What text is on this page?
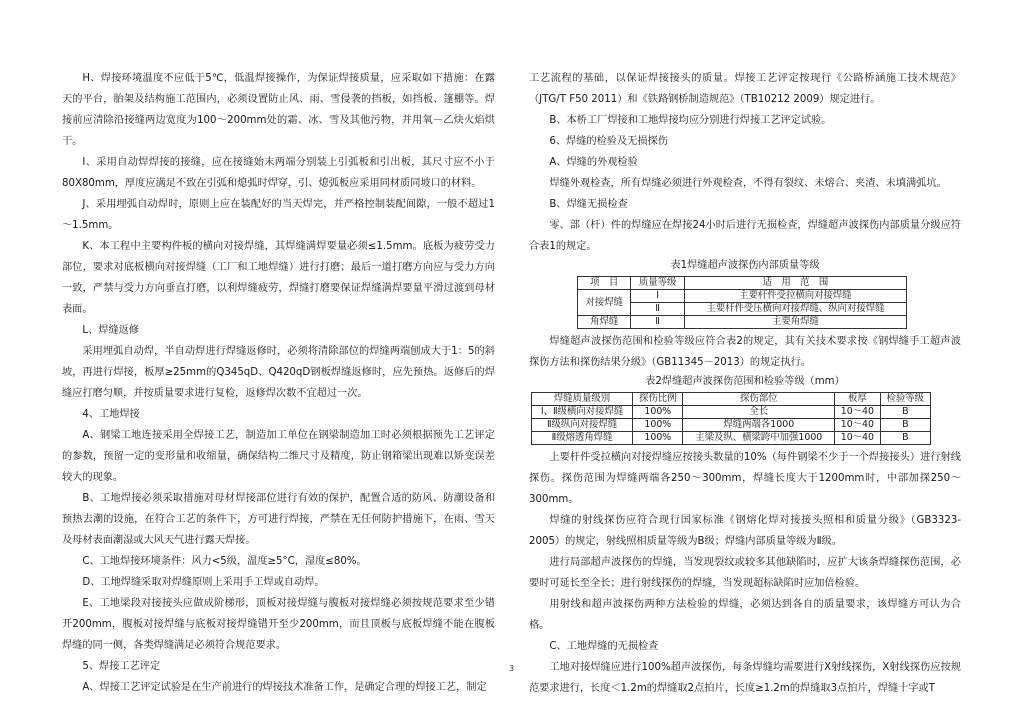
H、焊接环境温度不应低于5℃，低温焊接操作，为保证焊接质量，应采取如下措施：在露天的平台，胎架及结构施工范围内，必须设置防止风、雨、雪侵袭的挡板，如挡板、篷棚等。焊接前应清除沿接缝两边宽度为100～200mm处的霜、冰、雪及其他污物，并用氧－乙炔火焰烘干。

I、采用自动焊焊接的接缝，应在接缝始末两端分别装上引弧板和引出板，其尺寸应不小于80X80mm，厚度应满足不致在引弧和熄弧时焊穿，引、熄弧板应采用同材质同坡口的材料。

J、采用埋弧自动焊时，原则上应在装配好的当天焊完，并严格控制装配间隙，一般不超过1～1.5mm。

K、本工程中主要构件板的横向对接焊缝，其焊缝满焊要量必须≤1.5mm。底板为疲劳受力部位，要求对底板横向对接焊缝（工厂和工地焊缝）进行打磨；最后一道打磨方向应与受力方向一致，严禁与受力方向垂直打磨，以利焊缝疲劳，焊缝打磨要保证焊缝满焊要量平滑过渡到母材表面。

L、焊缝返修

采用埋弧自动焊，半自动焊进行焊缝返修时，必须将清除部位的焊缝两端刨成大于1：5的斜坡，再进行焊接，板厚≥25mm的Q345qD、Q420qD钢板焊缝返修时，应先预热。返修后的焊缝应打磨匀顺，并按质量要求进行复检，返修焊次数不宜超过一次。

4、工地焊接

A、钢梁工地连接采用全焊接工艺，制造加工单位在钢梁制造加工时必须根据预先工艺评定的参数，预留一定的变形量和收缩量，确保结构二维尺寸及精度，防止钢箱梁出现难以矫变误差较大的现象。

B、工地焊接必须采取措施对母材焊接部位进行有效的保护，配置合适的防风、防潮设备和预热去潮的设施，在符合工艺的条件下，方可进行焊接，严禁在无任何防护措施下，在雨、雪天及母材表面潮湿或大风天气进行露天焊接。

C、工地焊接环境条件：风力<5级，温度≥5°C，湿度≤80%。

D、工地焊缝采取对焊缝原则上采用手工焊或自动焊。

E、工地梁段对接接头应做成阶梯形，顶板对接焊缝与腹板对接焊缝必须按规范要求至少错开200mm，腹板对接焊缝与底板对接焊缝错开至少200mm，而且顶板与底板焊缝不能在腹板焊缝的同一侧，各类焊缝满足必须符合规范要求。

5、焊接工艺评定

A、焊接工艺评定试验是在生产前进行的焊接技术准备工作，是确定合理的焊接工艺，制定

工艺流程的基础，以保证焊接接头的质量。焊接工艺评定按现行《公路桥涵施工技术规范》（JTG/T F50 2011）和《铁路钢桥制造规范》（TB10212 2009）规定进行。

B、本桥工厂焊接和工地焊接均应分别进行焊接工艺评定试验。

6、焊缝的检验及无损探伤

A、焊缝的外观检验

焊缝外观检查，所有焊缝必须进行外观检查，不得有裂纹、未熔合、夹渣、未填满弧坑。

B、焊缝无损检查

零、部（杆）件的焊缝应在焊接24小时后进行无损检查，焊缝超声波探伤内部质量分级应符合表1的规定。

表1焊缝超声波探伤内部质量等级

项　目	质量等级	适　用　范　围
对接焊缝	Ⅰ	主要杆件受拉横向对接焊缝
	Ⅱ	主要杆件受压横向对接焊缝、纵向对接焊缝
角焊缝	Ⅱ	主要角焊缝

焊缝超声波探伤范围和检验等级应符合表2的规定，其有关技术要求按《钢焊缝手工超声波探伤方法和探伤结果分级》（GB11345－2013）的规定执行。

表2焊缝超声波探伤范围和检验等级（mm）

焊缝质量级别	探伤比例	探伤部位	板厚	检验等级
Ⅰ、Ⅱ级横向对接焊缝	100%	全长	10～40	B
Ⅱ级纵向对接焊缝	100%	焊缝两端各1000	10～40	B
Ⅱ级熔透角焊缝	100%	主梁及纵、横梁跨中加强1000	10～40	B

上要杆件受拉横向对接焊缝应按接头数量的10%（每件钢梁不少于一个焊接接头）进行射线探伤。探伤范围为焊缝两端各250～300mm，焊缝长度大于1200mm时，中部加探250～300mm。

焊缝的射线探伤应符合现行国家标准《钢熔化焊对接接头照相和质量分级》（GB3323-2005）的规定，射线照相质量等级为B级；焊缝内部质量等级为Ⅱ级。

进行局部超声波探伤的焊缝，当发现裂纹或较多其他缺陷时，应扩大该条焊缝探伤范围，必要时可延长至全长；进行射线探伤的焊缝，当发现超标缺陷时应加倍检验。

用射线和超声波探伤两种方法检验的焊缝，必须达到各自的质量要求，该焊缝方可认为合格。

C、工地焊缝的无损检查

工地对接焊缝应进行100%超声波探伤，每条焊缝均需要进行X射线探伤，X射线探伤应按规范要求进行，长度＜1.2m的焊缝取2点拍片，长度≥1.2m的焊缝取3点拍片，焊缝十字或T

3
